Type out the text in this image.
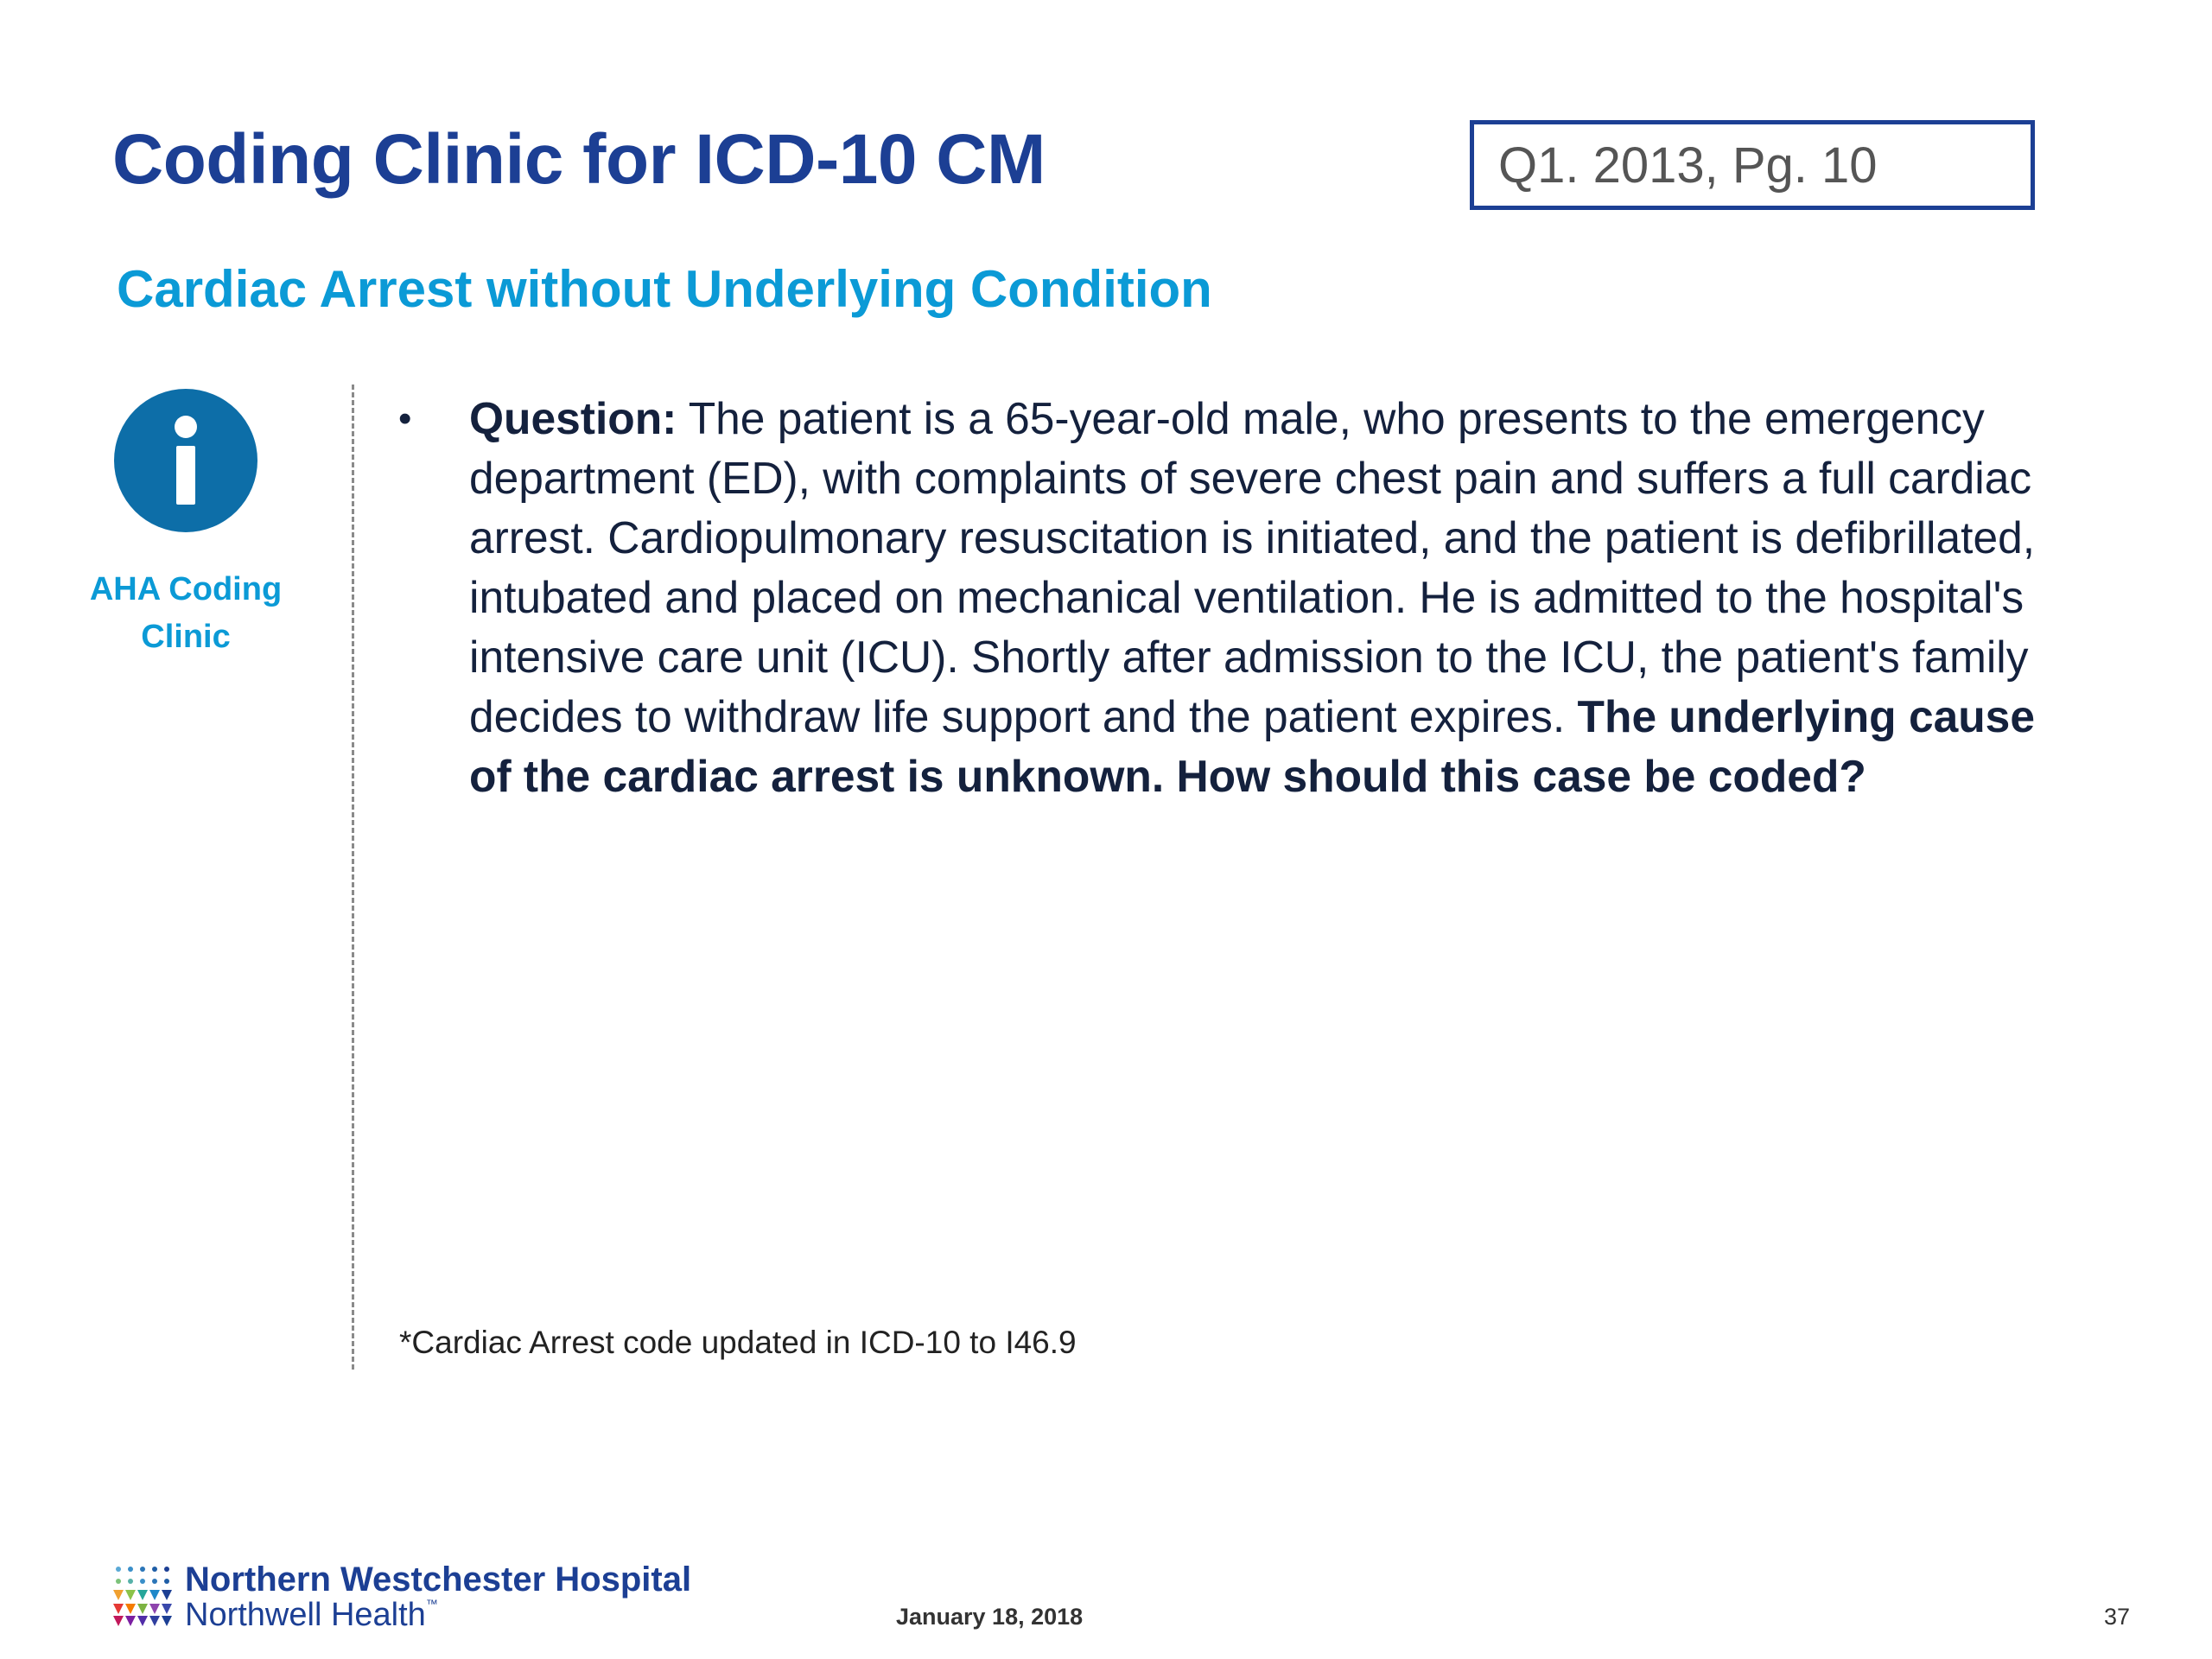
Coding Clinic for ICD-10 CM	Q1. 2013, Pg. 10
Cardiac Arrest without Underlying Condition
AHA Coding Clinic
• Question: The patient is a 65-year-old male, who presents to the emergency department (ED), with complaints of severe chest pain and suffers a full cardiac arrest. Cardiopulmonary resuscitation is initiated, and the patient is defibrillated, intubated and placed on mechanical ventilation. He is admitted to the hospital's intensive care unit (ICU). Shortly after admission to the ICU, the patient's family decides to withdraw life support and the patient expires. The underlying cause of the cardiac arrest is unknown. How should this case be coded?
*Cardiac Arrest code updated in ICD-10 to I46.9
Northern Westchester Hospital
Northwell Health™	January 18, 2018	37
